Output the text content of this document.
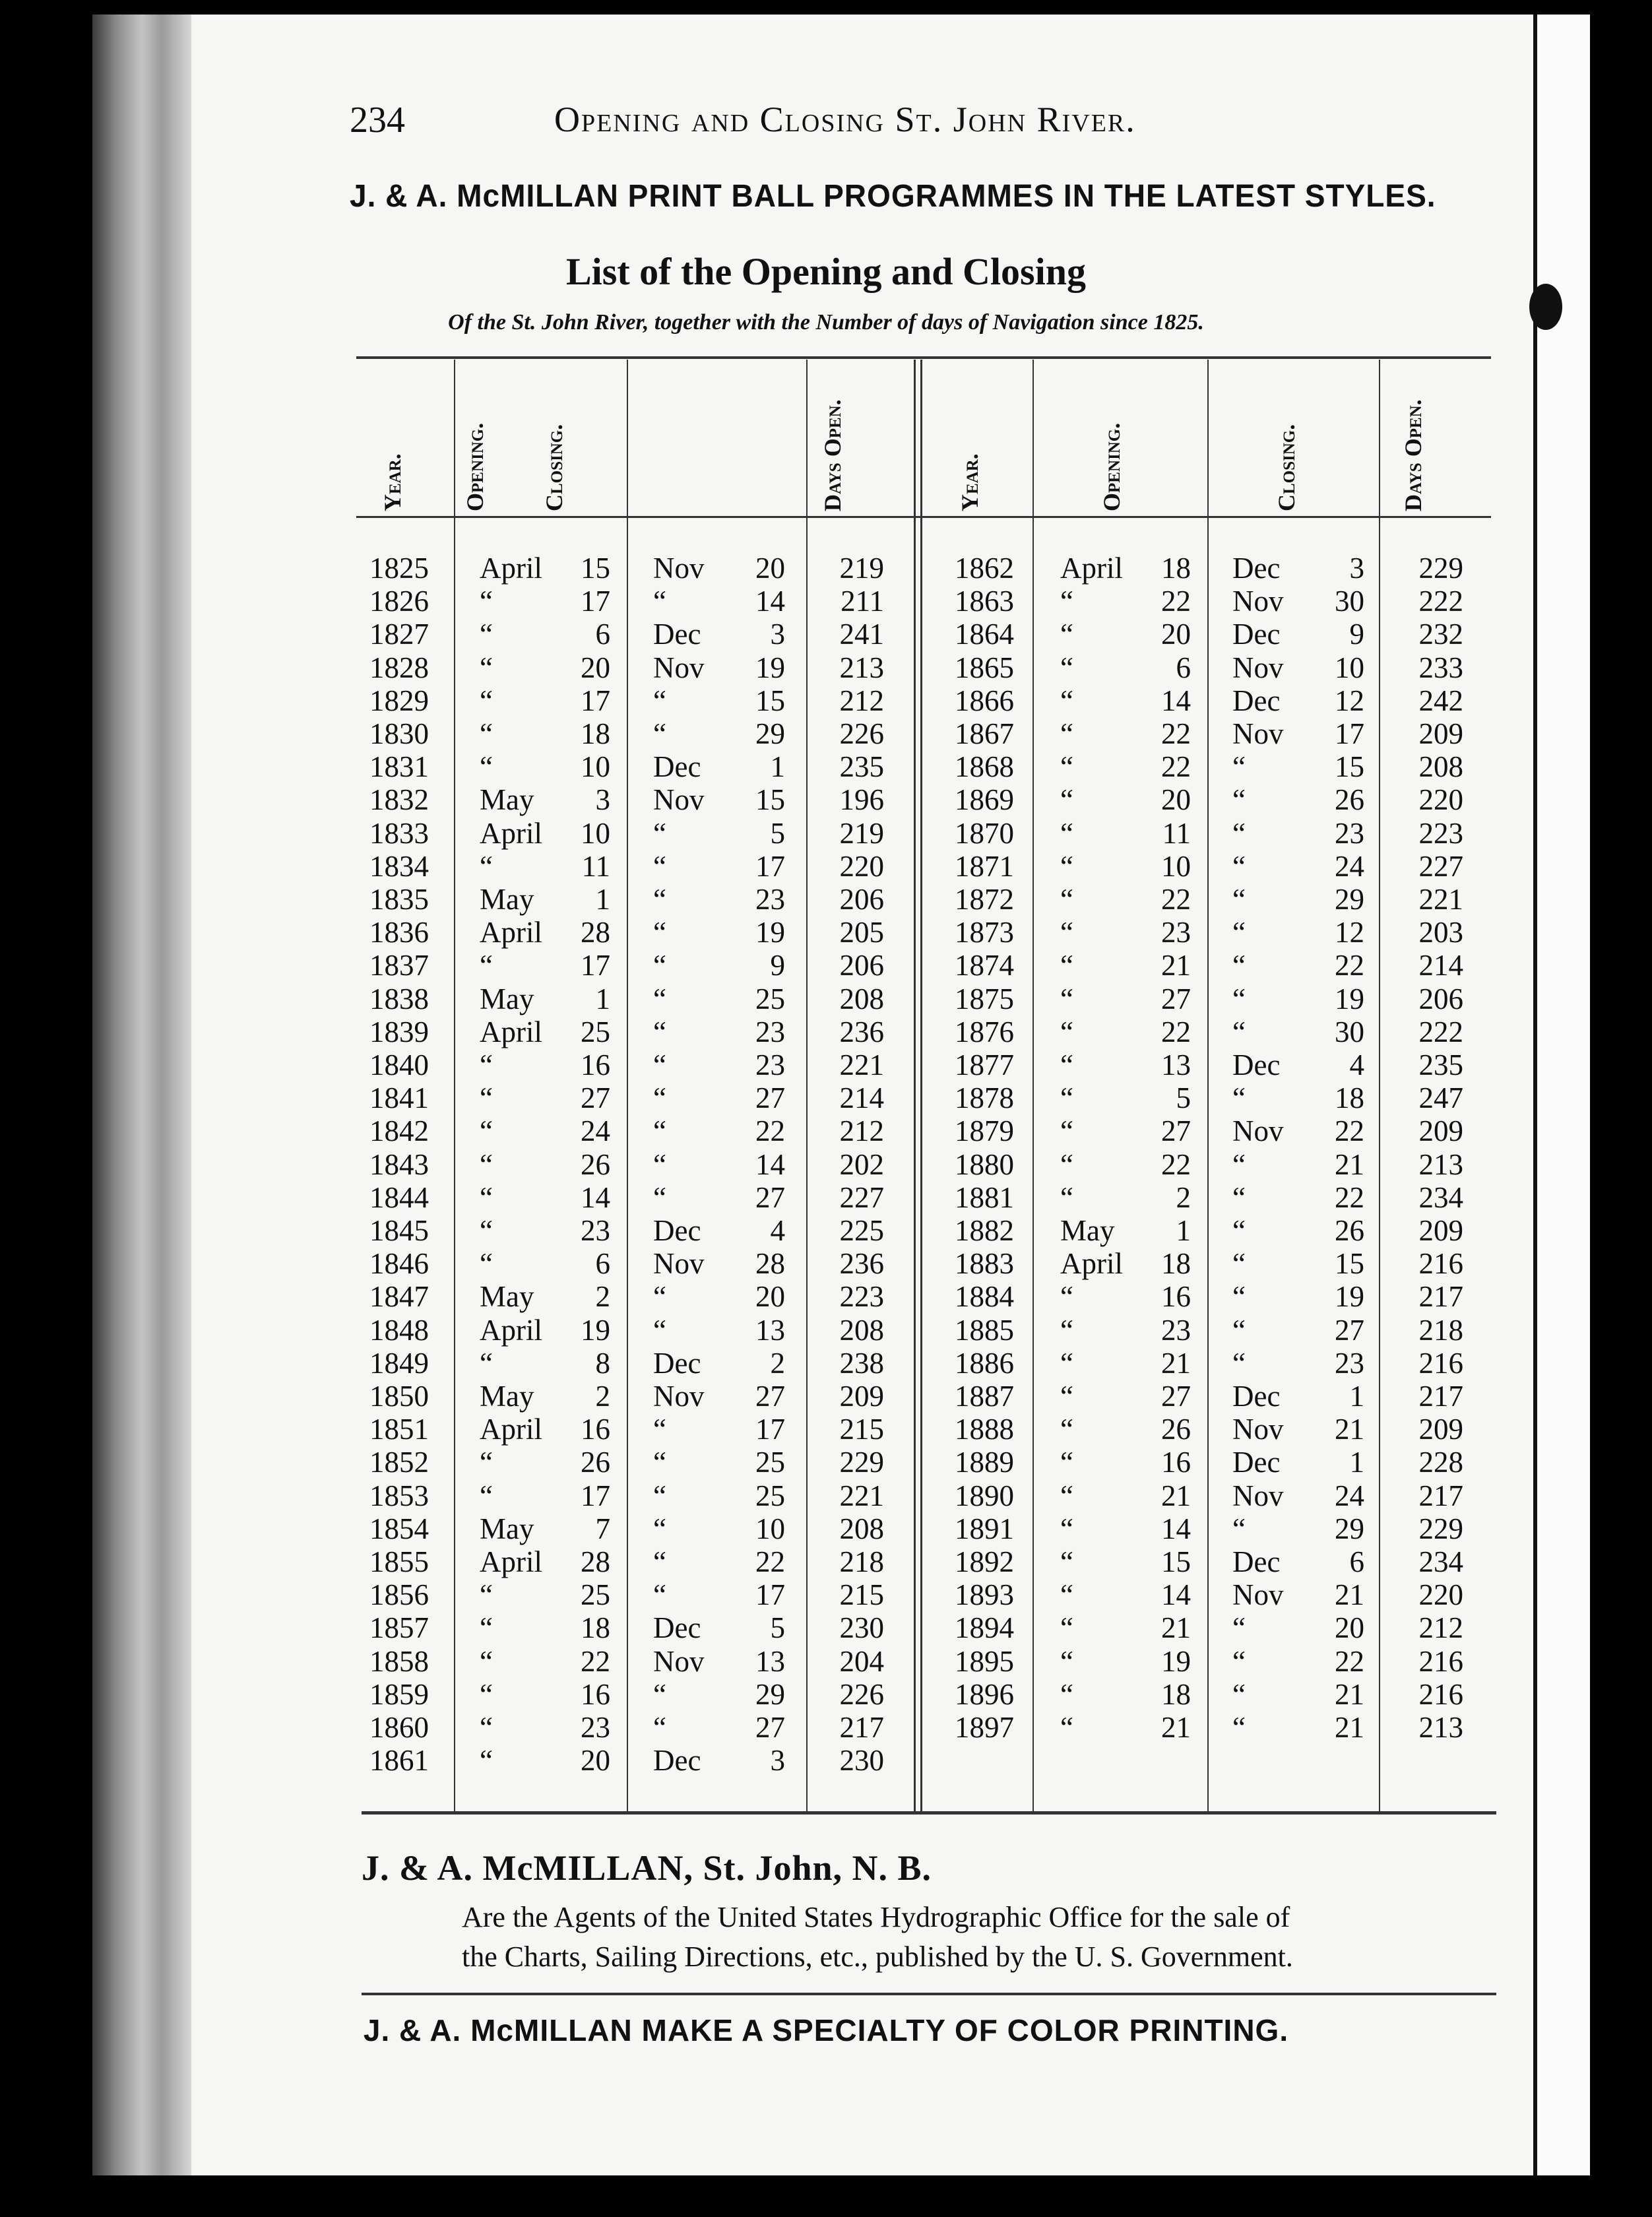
234	Opening and Closing St. John River.
J. & A. McMILLAN PRINT BALL PROGRAMMES IN THE LATEST STYLES.
List of the Opening and Closing
Of the St. John River, together with the Number of days of Navigation since 1825.
Year. Opening. Closing.	Days Open.	Year.	Opening.	Closing.	Days Open.
1825 April	15 Nov	20	219
1826 “	17 “	14	211
1827 “	6 Dec	3	241
1828 “	20 Nov	19	213
1829 “	17 “	15	212
1830 “	18 “	29	226
1831 “	10 Dec	1	235
1832 May	3 Nov	15	196
1833 April	10 “	5	219
1834 “	11 “	17	220
1835 May	1 “	23	206
1836 April	28 “	19	205
1837 “	17 “	9	206
1838 May	1 “	25	208
1839 April	25 “	23	236
1840 “	16 “	23	221
1841 “	27 “	27	214
1842 “	24 “	22	212
1843 “	26 “	14	202
1844 “	14 “	27	227
1845 “	23 Dec	4	225
1846 “	6 Nov	28	236
1847 May	2 “	20	223
1848 April	19 “	13	208
1849 “	8 Dec	2	238
1850 May	2 Nov	27	209
1851 April	16 “	17	215
1852 “	26 “	25	229
1853 “	17 “	25	221
1854 May	7 “	10	208
1855 April	28 “	22	218
1856 “	25 “	17	215
1857 “	18 Dec	5	230
1858 “	22 Nov	13	204
1859 “	16 “	29	226
1860 “	23 “	27	217
1861 “	20 Dec	3	230
1862 April	18 Dec	3	229
1863 “	22 Nov	30	222
1864 “	20 Dec	9	232
1865 “	6 Nov	10	233
1866 “	14 Dec	12	242
1867 “	22 Nov	17	209
1868 “	22 “	15	208
1869 “	20 “	26	220
1870 “	11 “	23	223
1871 “	10 “	24	227
1872 “	22 “	29	221
1873 “	23 “	12	203
1874 “	21 “	22	214
1875 “	27 “	19	206
1876 “	22 “	30	222
1877 “	13 Dec	4	235
1878 “	5 “	18	247
1879 “	27 Nov	22	209
1880 “	22 “	21	213
1881 “	2 “	22	234
1882 May	1 “	26	209
1883 April	18 “	15	216
1884 “	16 “	19	217
1885 “	23 “	27	218
1886 “	21 “	23	216
1887 “	27 Dec	1	217
1888 “	26 Nov	21	209
1889 “	16 Dec	1	228
1890 “	21 Nov	24	217
1891 “	14 “	29	229
1892 “	15 Dec	6	234
1893 “	14 Nov	21	220
1894 “	21 “	20	212
1895 “	19 “	22	216
1896 “	18 “	21	216
1897 “	21 “	21	213
J. & A. McMILLAN, St. John, N. B.
Are the Agents of the United States Hydrographic Office for the sale of
the Charts, Sailing Directions, etc., published by the U. S. Government.
J. & A. McMILLAN MAKE A SPECIALTY OF COLOR PRINTING.
